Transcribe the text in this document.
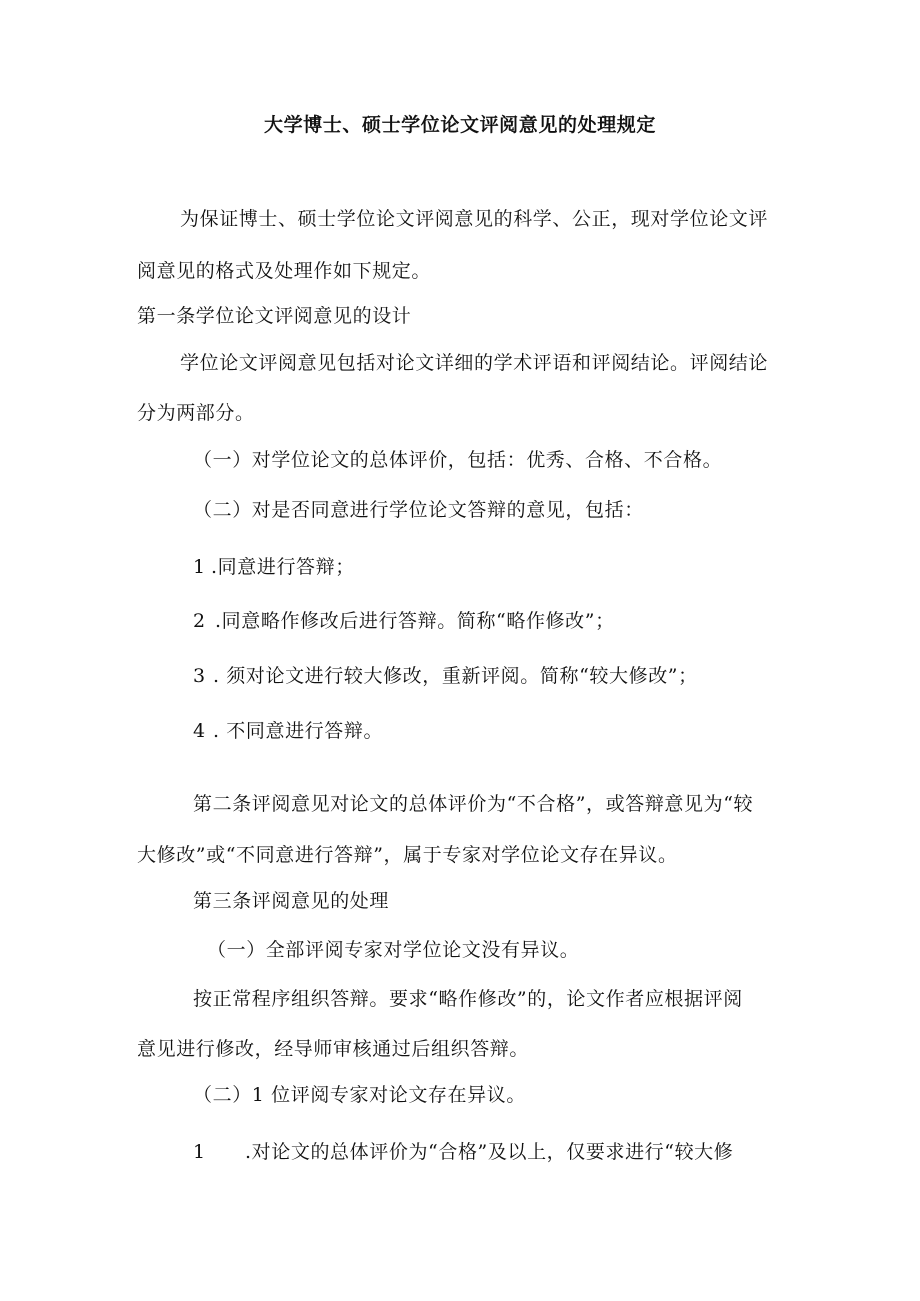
大学博士、硕士学位论文评阅意见的处理规定
为保证博士、硕士学位论文评阅意见的科学、公正，现对学位论文评
阅意见的格式及处理作如下规定。
第一条学位论文评阅意见的设计
学位论文评阅意见包括对论文详细的学术评语和评阅结论。评阅结论
分为两部分。
（一）对学位论文的总体评价，包括：优秀、合格、不合格。
（二）对是否同意进行学位论文答辩的意见，包括：
1 .同意进行答辩；
2 .同意略作修改后进行答辩。简称“略作修改”；
3 . 须对论文进行较大修改，重新评阅。简称“较大修改”；
4 . 不同意进行答辩。
第二条评阅意见对论文的总体评价为“不合格”，或答辩意见为“较
大修改”或“不同意进行答辩”，属于专家对学位论文存在异议。
第三条评阅意见的处理
（一）全部评阅专家对学位论文没有异议。
按正常程序组织答辩。要求“略作修改”的，论文作者应根据评阅
意见进行修改，经导师审核通过后组织答辩。
（二）1 位评阅专家对论文存在异议。
1 .对论文的总体评价为“合格”及以上，仅要求进行“较大修
